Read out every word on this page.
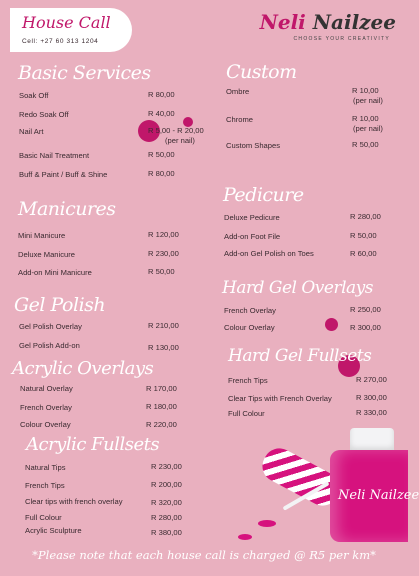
House Call
Cell: +27 60 313 1204
Neli Nailzee
CHOOSE YOUR CREATIVITY
Basic Services
Soak Off	R 80,00
Redo Soak Off	R 40,00
Nail Art	R 5,00 - R 20,00
(per nail)
Basic Nail Treatment	R 50,00
Buff & Paint / Buff & Shine	R 80,00
Custom
Ombre	R 10,00
(per nail)
Chrome	R 10,00
(per nail)
Custom Shapes	R 50,00
Manicures
Mini Manicure	R 120,00
Deluxe Manicure	R 230,00
Add-on Mini Manicure	R 50,00
Pedicure
Deluxe Pedicure	R 280,00
Add-on Foot File	R 50,00
Add-on Gel Polish on Toes	R 60,00
Gel Polish
Gel Polish Overlay	R 210,00
Gel Polish Add-on	R 130,00
Hard Gel Overlays
French Overlay	R 250,00
Colour Overlay	R 300,00
Acrylic Overlays
Natural Overlay	R 170,00
French Overlay	R 180,00
Colour Overlay	R 220,00
Hard Gel Fullsets
French Tips	R 270,00
Clear Tips with French Overlay	R 300,00
Full Colour	R 330,00
Acrylic Fullsets
Natural Tips	R 230,00
French Tips	R 200,00
Clear tips with french overlay	R 320,00
Full Colour	R 280,00
Acrylic Sculpture	R 380,00
Neli Nailzee
*Please note that each house call is charged @ R5 per km*
